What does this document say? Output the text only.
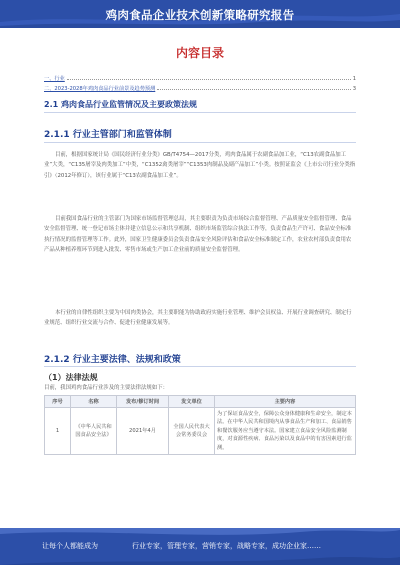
鸡肉食品企业技术创新策略研究报告
内容目录
一、行业	1
二、2023-2028年鸡肉食品行业前景及趋势预测	3
2.1 鸡肉食品行业监管情况及主要政策法规
2.1.1 行业主管部门和监管体制
目前，根据国家统计局《国民经济行业分类》GB/T4754—2017分类，鸡肉食品属于农副食品加工业，“C13农副食品加工业”大类，“C135屠宰及肉类加工”中类，“C1352禽类屠宰”“C1353肉制品及副产品加工”小类。按照证监会《上市公司行业分类指引》（2012年修订），该行业属于“C13农副食品加工业”。
目前我国食品行业的主管部门为国家市场监督管理总局，其主要职责为负责市场综合监督管理、产品质量安全监督管理、食品安全监督管理、统一登记市场主体并建立信息公示和共享机制、组织市场监管综合执法工作等，负责食品生产许可、食品安全标准执行情况的监督管理等工作。此外，国家卫生健康委员会负责食品安全风险评估和食品安全标准制定工作，农业农村部负责食用农产品从种植养殖环节到进入批发、零售市场或生产加工企业前的质量安全监督管理。
本行业的自律性组织主要为中国肉类协会，其主要职能为协助政府实施行业管理、维护会员权益、开展行业调查研究、制定行业规范、组织行业交流与合作、促进行业健康发展等。
2.1.2 行业主要法律、法规和政策
（1）法律法规
目前，我国鸡肉食品行业涉及的主要法律法规如下：
序号	名称	发布/修订时间	发文单位	主要内容
1	《中华人民共和国食品安全法》	2021年4月	全国人民代表大会常务委员会	为了保证食品安全，保障公众身体健康和生命安全，制定本法。在中华人民共和国境内从事食品生产和加工、食品销售和餐饮服务应当遵守本法。国家建立食品安全风险监测制度，对食源性疾病、食品污染以及食品中的有害因素进行监测。
让每个人都能成为	行业专家，管理专家，营销专家，战略专家，成功企业家……
